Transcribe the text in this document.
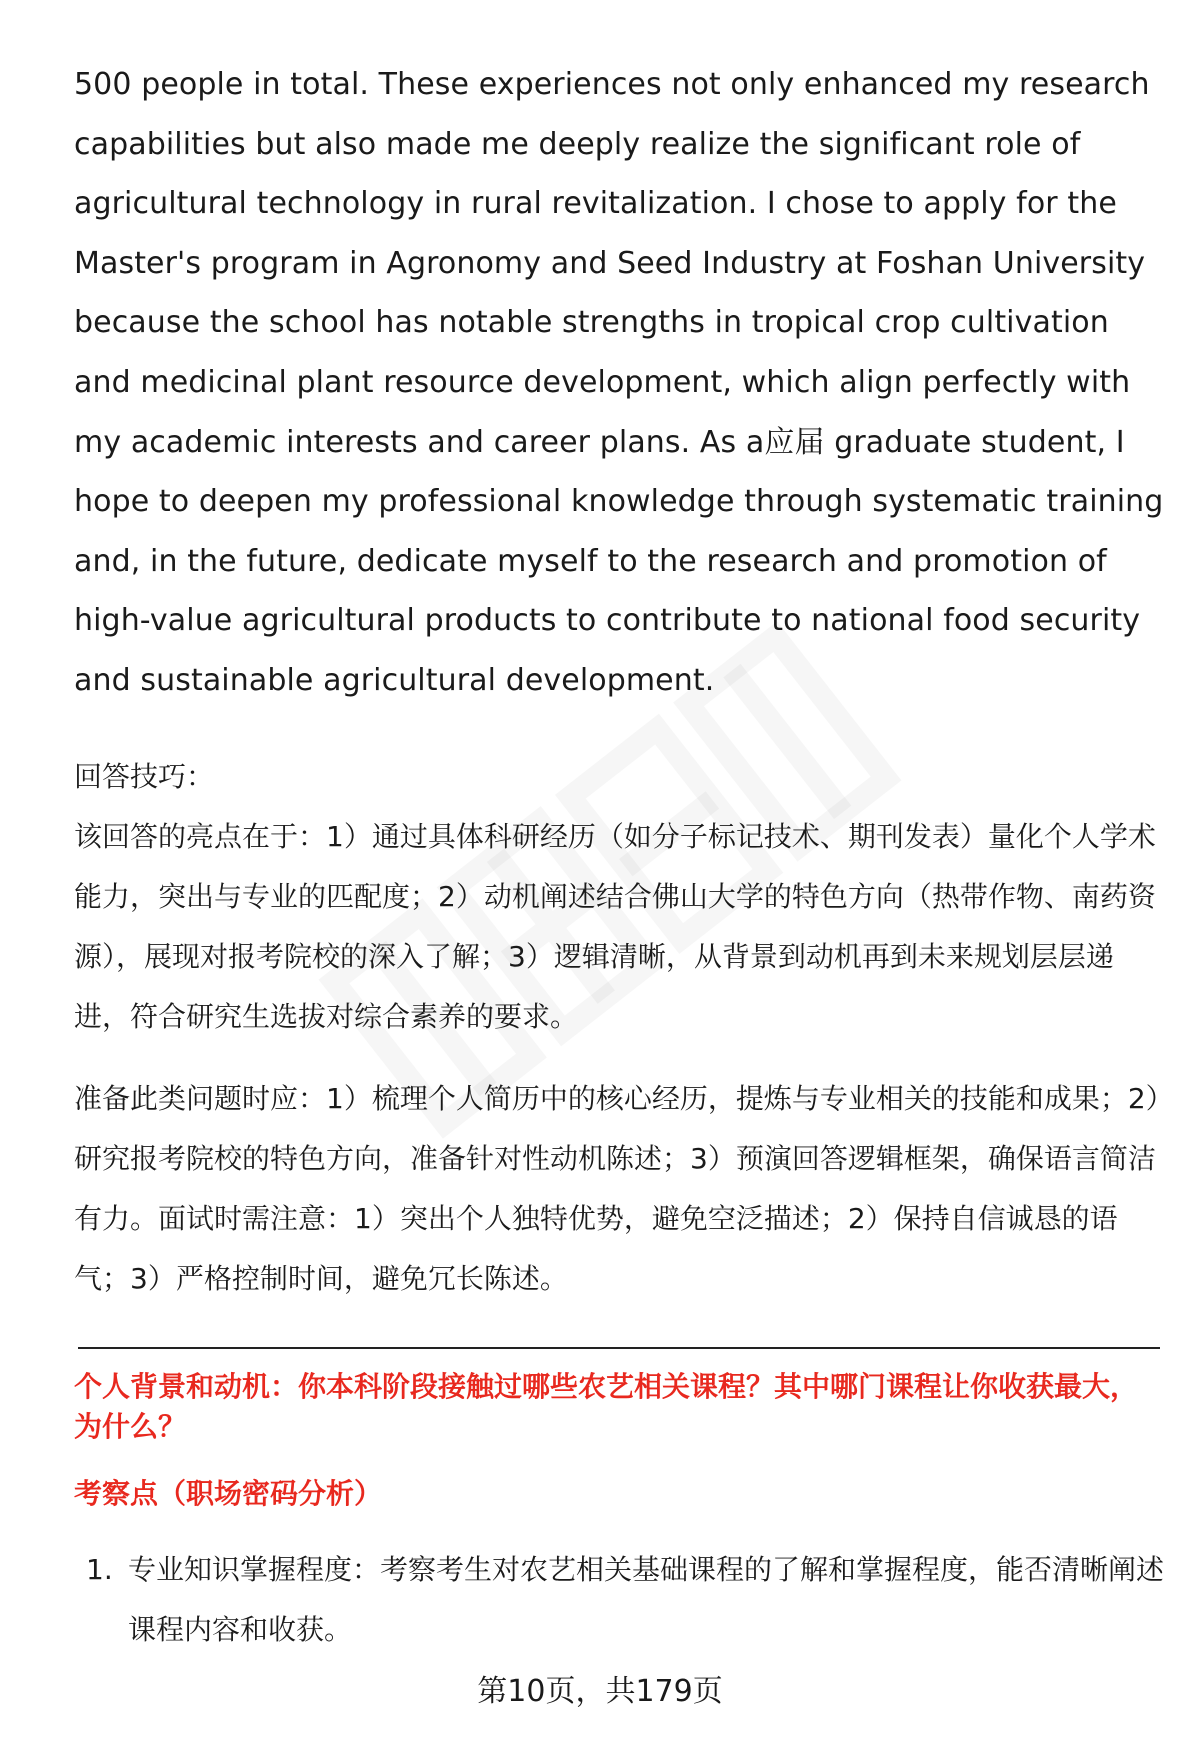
500 people in total. These experiences not only enhanced my research capabilities but also made me deeply realize the significant role of agricultural technology in rural revitalization. I chose to apply for the Master's program in Agronomy and Seed Industry at Foshan University because the school has notable strengths in tropical crop cultivation and medicinal plant resource development, which align perfectly with my academic interests and career plans. As a应届 graduate student, I hope to deepen my professional knowledge through systematic training and, in the future, dedicate myself to the research and promotion of high-value agricultural products to contribute to national food security and sustainable agricultural development.

回答技巧：

该回答的亮点在于：1）通过具体科研经历（如分子标记技术、期刊发表）量化个人学术能力，突出与专业的匹配度；2）动机阐述结合佛山大学的特色方向（热带作物、南药资源），展现对报考院校的深入了解；3）逻辑清晰，从背景到动机再到未来规划层层递进，符合研究生选拔对综合素养的要求。

准备此类问题时应：1）梳理个人简历中的核心经历，提炼与专业相关的技能和成果；2）研究报考院校的特色方向，准备针对性动机陈述；3）预演回答逻辑框架，确保语言简洁有力。面试时需注意：1）突出个人独特优势，避免空泛描述；2）保持自信诚恳的语气；3）严格控制时间，避免冗长陈述。

个人背景和动机：你本科阶段接触过哪些农艺相关课程？其中哪门课程让你收获最大，为什么？
考察点（职场密码分析）
1. 专业知识掌握程度：考察考生对农艺相关基础课程的了解和掌握程度，能否清晰阐述课程内容和收获。
第10页，共179页
